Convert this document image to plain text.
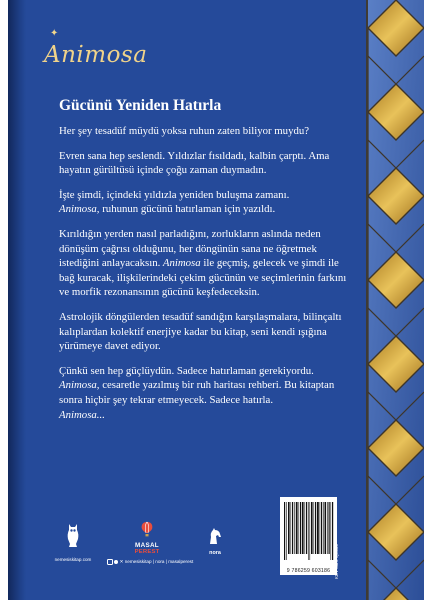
✦
Animosa
Gücünü Yeniden Hatırla

Her şey tesadüf müydü yoksa ruhun zaten biliyor muydu?

Evren sana hep seslendi. Yıldızlar fısıldadı, kalbin çarptı. Ama hayatın gürültüsü içinde çoğu zaman duymadın.

İşte şimdi, içindeki yıldızla yeniden buluşma zamanı.
Animosa, ruhunun gücünü hatırlaman için yazıldı.

Kırıldığın yerden nasıl parladığını, zorlukların aslında neden dönüşüm çağrısı olduğunu, her döngünün sana ne öğretmek istediğini anlayacaksın. Animosa ile geçmiş, gelecek ve şimdi ile bağ kuracak, ilişkilerindeki çekim gücünün ve seçimlerinin farkını ve morfik rezonansının gücünü keşfedeceksin.

Astrolojik döngülerden tesadüf sandığın karşılaşmalara, bilinçaltı kalıplardan kolektif enerjiye kadar bu kitap, seni kendi ışığına yürümeye davet ediyor.

Çünkü sen hep güçlüydün. Sadece hatırlaman gerekiyordu.
Animosa, cesaretle yazılmış bir ruh haritası rehberi. Bu kitaptan sonra hiçbir şey tekrar etmeyecek. Sadece hatırla.
Animosa...

nemesiskitap.com
MASAL
PEREST
✕ nemesiskitap | nora | masalperest
nora
9 786259 603186 KDV dahil fiyatıdır
